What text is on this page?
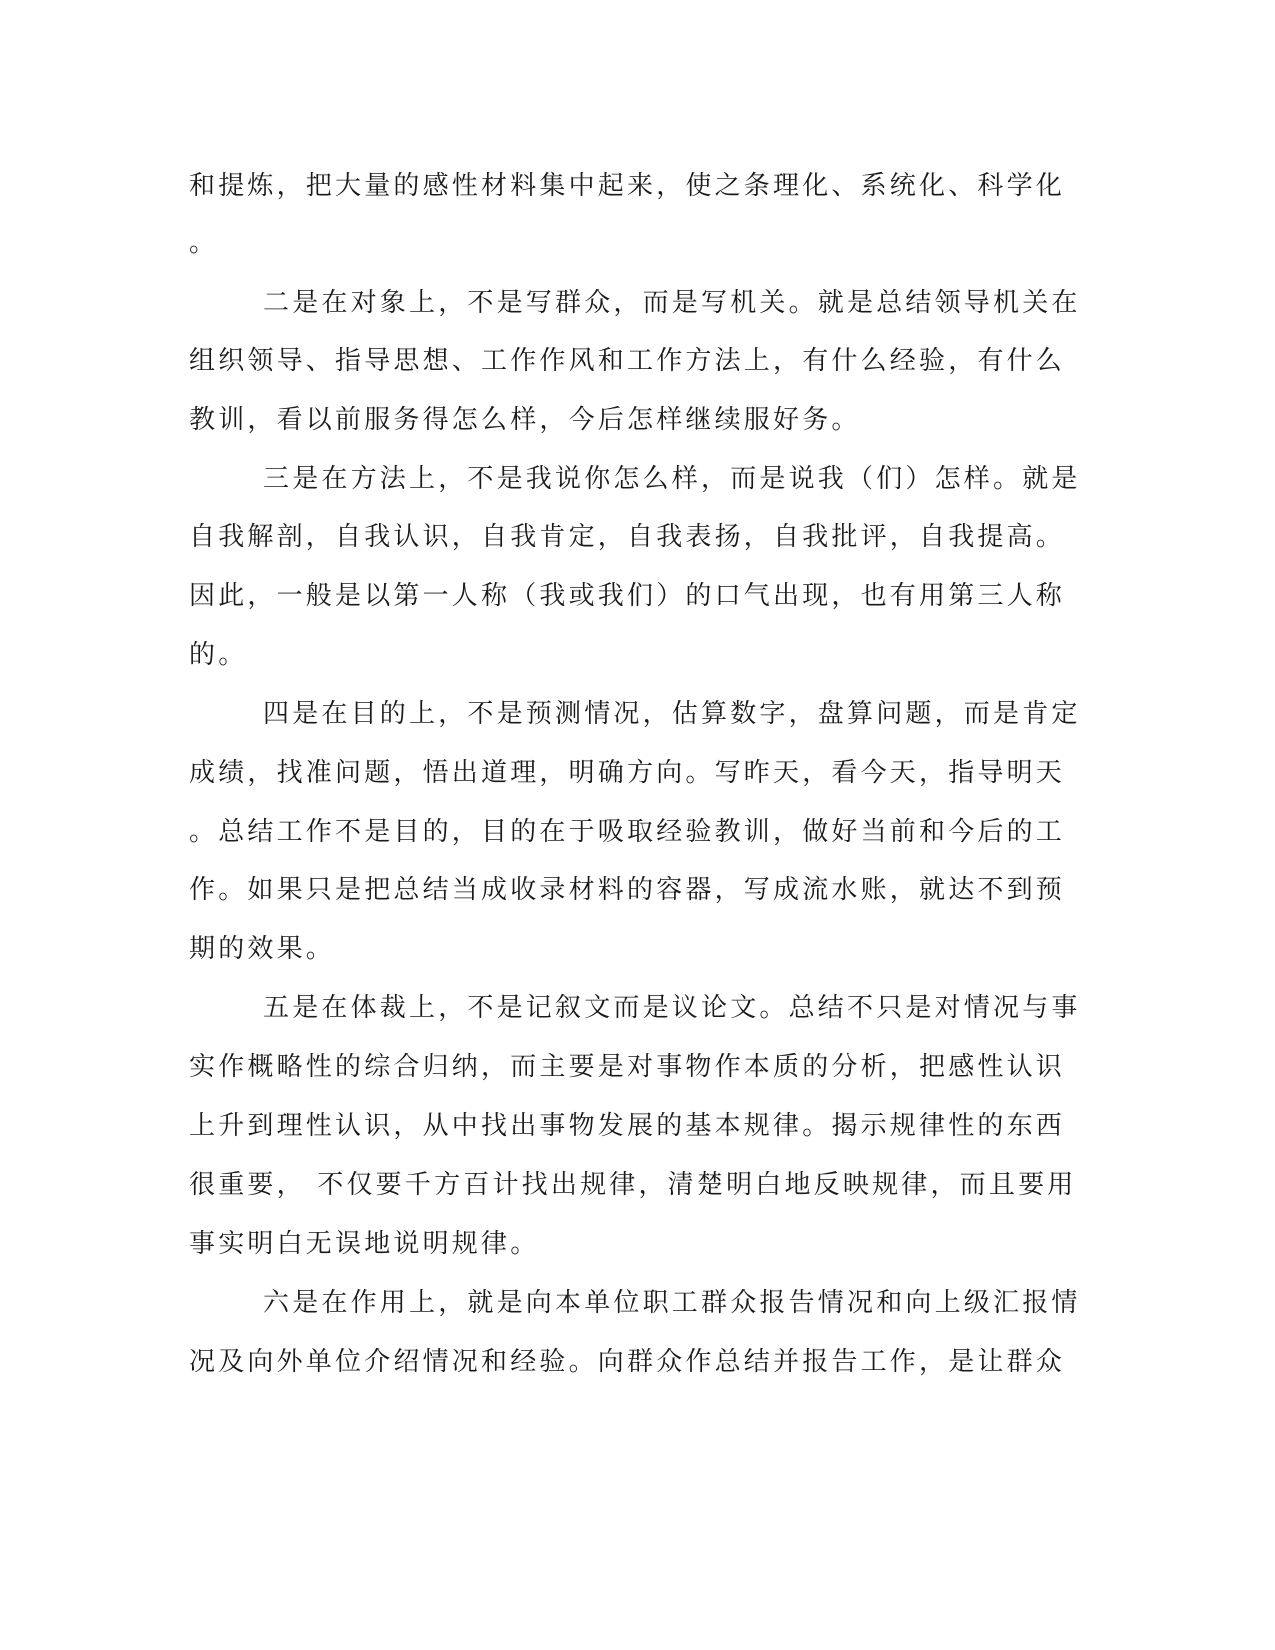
和提炼，把大量的感性材料集中起来，使之条理化、系统化、科学化
。
二是在对象上，不是写群众，而是写机关。就是总结领导机关在
组织领导、指导思想、工作作风和工作方法上，有什么经验，有什么
教训，看以前服务得怎么样，今后怎样继续服好务。
三是在方法上，不是我说你怎么样，而是说我（们）怎样。就是
自我解剖，自我认识，自我肯定，自我表扬，自我批评，自我提高。
因此，一般是以第一人称（我或我们）的口气出现，也有用第三人称
的。
四是在目的上，不是预测情况，估算数字，盘算问题，而是肯定
成绩，找准问题，悟出道理，明确方向。写昨天，看今天，指导明天
。总结工作不是目的，目的在于吸取经验教训，做好当前和今后的工
作。如果只是把总结当成收录材料的容器，写成流水账，就达不到预
期的效果。
五是在体裁上，不是记叙文而是议论文。总结不只是对情况与事
实作概略性的综合归纳，而主要是对事物作本质的分析，把感性认识
上升到理性认识，从中找出事物发展的基本规律。揭示规律性的东西
很重要， 不仅要千方百计找出规律，清楚明白地反映规律，而且要用
事实明白无误地说明规律。
六是在作用上，就是向本单位职工群众报告情况和向上级汇报情
况及向外单位介绍情况和经验。向群众作总结并报告工作，是让群众
